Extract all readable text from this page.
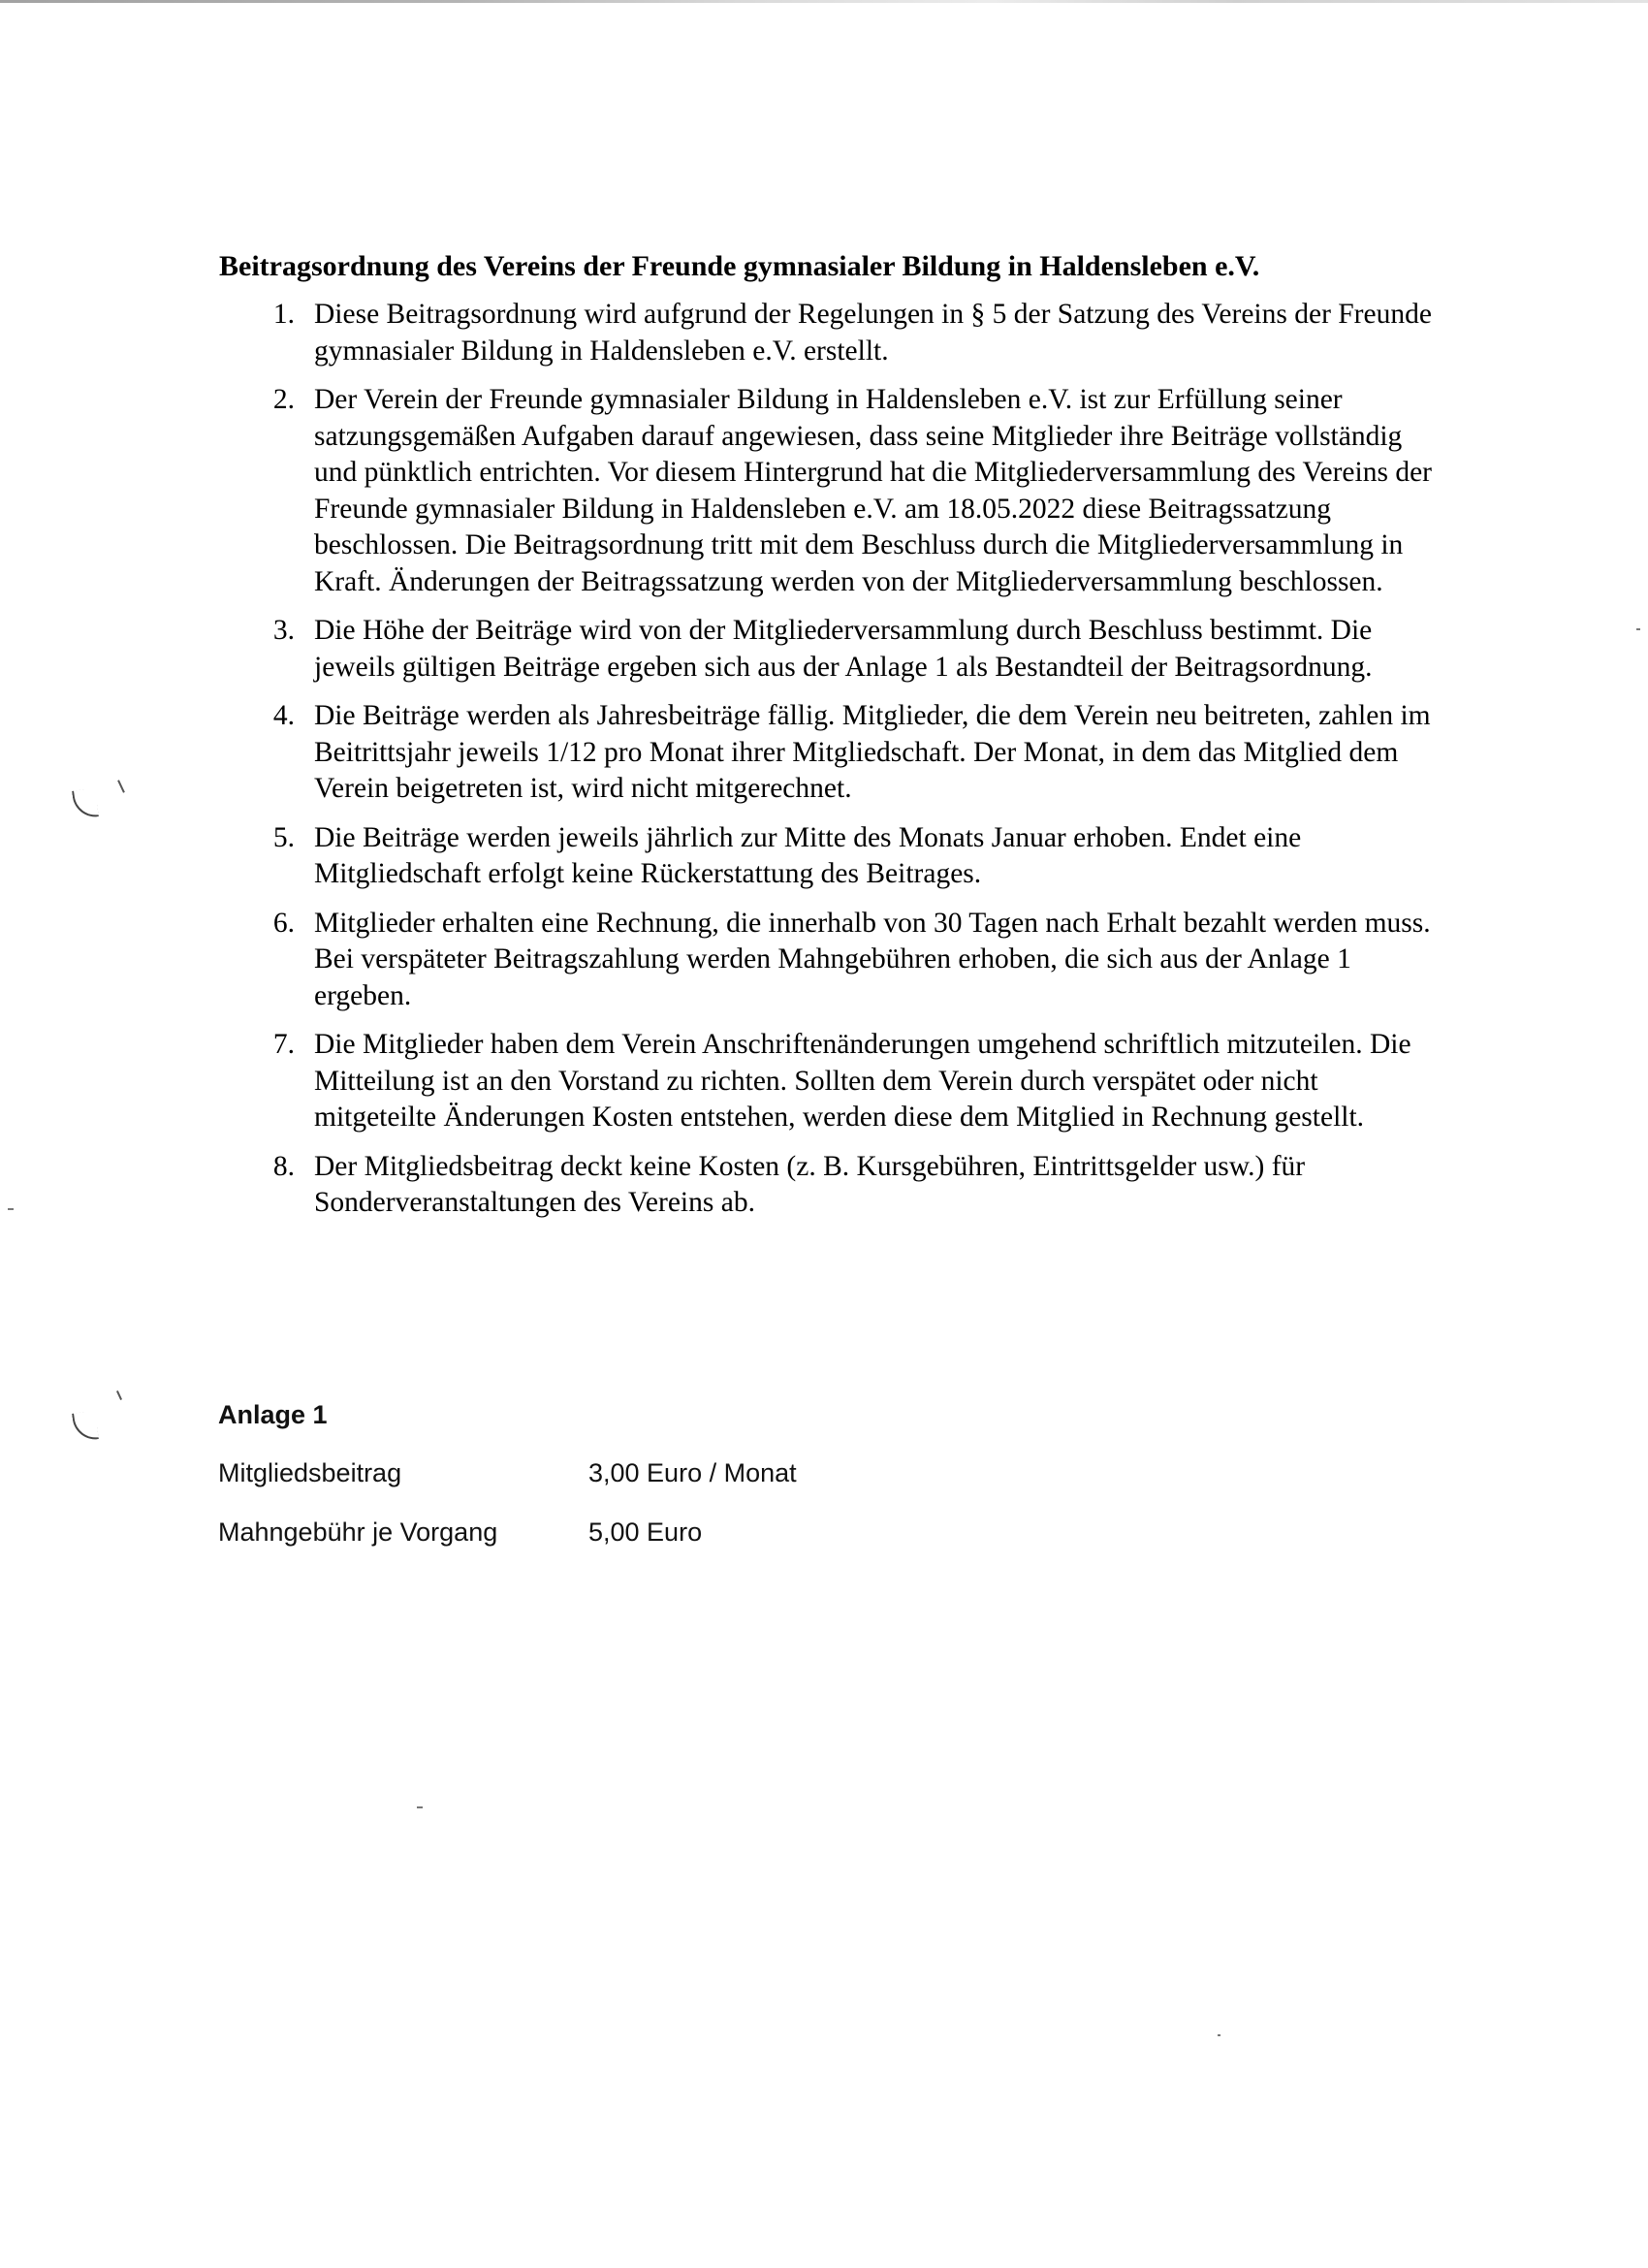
Beitragsordnung des Vereins der Freunde gymnasialer Bildung in Haldensleben e.V.
1. Diese Beitragsordnung wird aufgrund der Regelungen in § 5 der Satzung des Vereins der Freunde gymnasialer Bildung in Haldensleben e.V. erstellt.
2. Der Verein der Freunde gymnasialer Bildung in Haldensleben e.V. ist zur Erfüllung seiner satzungsgemäßen Aufgaben darauf angewiesen, dass seine Mitglieder ihre Beiträge vollständig und pünktlich entrichten. Vor diesem Hintergrund hat die Mitgliederversammlung des Vereins der Freunde gymnasialer Bildung in Haldensleben e.V. am 18.05.2022 diese Beitragssatzung beschlossen. Die Beitragsordnung tritt mit dem Beschluss durch die Mitgliederversammlung in Kraft. Änderungen der Beitragssatzung werden von der Mitgliederversammlung beschlossen.
3. Die Höhe der Beiträge wird von der Mitgliederversammlung durch Beschluss bestimmt. Die jeweils gültigen Beiträge ergeben sich aus der Anlage 1 als Bestandteil der Beitragsordnung.
4. Die Beiträge werden als Jahresbeiträge fällig. Mitglieder, die dem Verein neu beitreten, zahlen im Beitrittsjahr jeweils 1/12 pro Monat ihrer Mitgliedschaft. Der Monat, in dem das Mitglied dem Verein beigetreten ist, wird nicht mitgerechnet.
5. Die Beiträge werden jeweils jährlich zur Mitte des Monats Januar erhoben. Endet eine Mitgliedschaft erfolgt keine Rückerstattung des Beitrages.
6. Mitglieder erhalten eine Rechnung, die innerhalb von 30 Tagen nach Erhalt bezahlt werden muss. Bei verspäteter Beitragszahlung werden Mahngebühren erhoben, die sich aus der Anlage 1 ergeben.
7. Die Mitglieder haben dem Verein Anschriftenänderungen umgehend schriftlich mitzuteilen. Die Mitteilung ist an den Vorstand zu richten. Sollten dem Verein durch verspätet oder nicht mitgeteilte Änderungen Kosten entstehen, werden diese dem Mitglied in Rechnung gestellt.
8. Der Mitgliedsbeitrag deckt keine Kosten (z. B. Kursgebühren, Eintrittsgelder usw.) für Sonderveranstaltungen des Vereins ab.
Anlage 1
Mitgliedsbeitrag	3,00 Euro / Monat
Mahngebühr je Vorgang	5,00 Euro
